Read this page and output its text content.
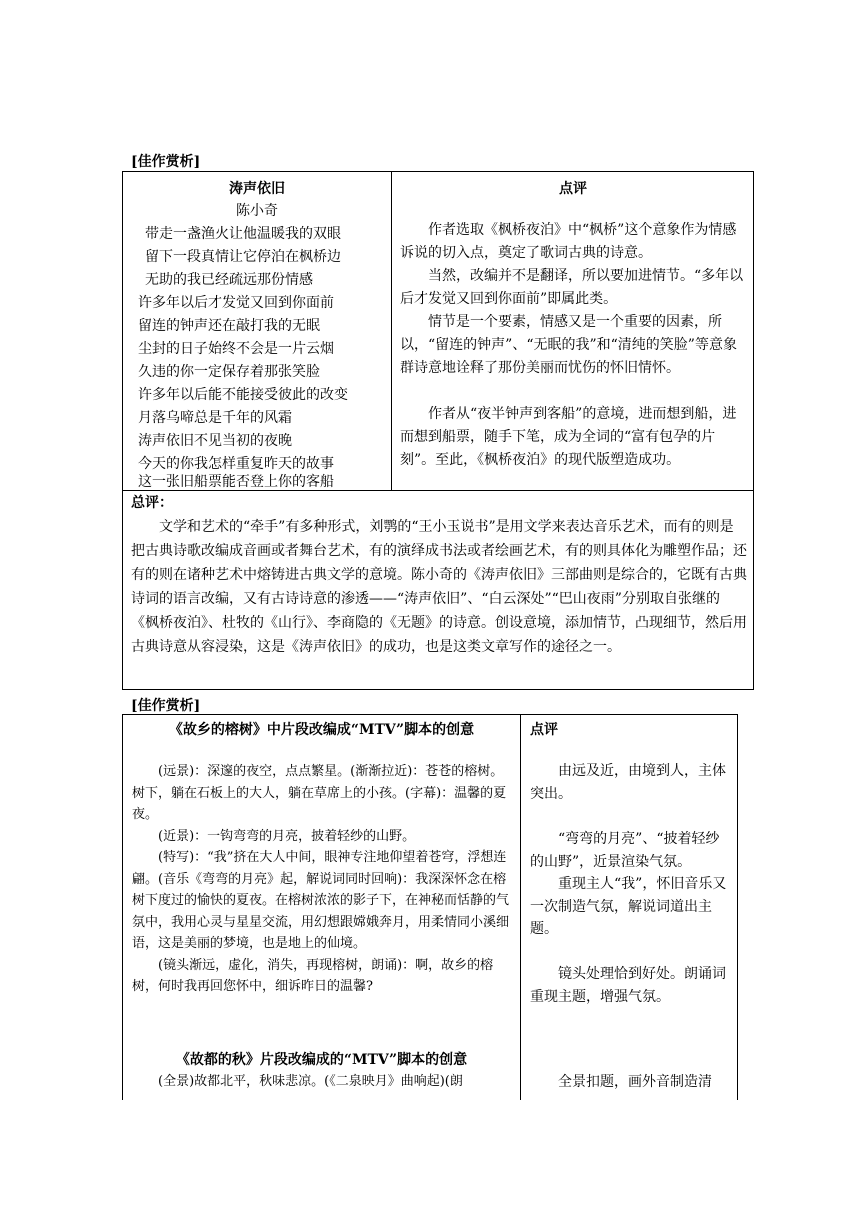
[佳作赏析]
涛声依旧
陈小奇
带走一盏渔火让他温暖我的双眼
留下一段真情让它停泊在枫桥边
无助的我已经疏远那份情感
许多年以后才发觉又回到你面前
留连的钟声还在敲打我的无眠
尘封的日子始终不会是一片云烟
久违的你一定保存着那张笑脸
许多年以后能不能接受彼此的改变
月落乌啼总是千年的风霜
涛声依旧不见当初的夜晚
今天的你我怎样重复昨天的故事
这一张旧船票能否登上你的客船
点评

作者选取《枫桥夜泊》中“枫桥”这个意象作为情感诉说的切入点，奠定了歌词古典的诗意。

当然，改编并不是翻译，所以要加进情节。“多年以后才发觉又回到你面前”即属此类。

情节是一个要素，情感又是一个重要的因素，所以，“留连的钟声”、“无眠的我”和“清纯的笑脸”等意象群诗意地诠释了那份美丽而忧伤的怀旧情怀。

作者从“夜半钟声到客船”的意境，进而想到船，进而想到船票，随手下笔，成为全词的“富有包孕的片刻”。至此，《枫桥夜泊》的现代版塑造成功。

总评：

文学和艺术的“牵手”有多种形式，刘鹗的“王小玉说书”是用文学来表达音乐艺术，而有的则是把古典诗歌改编成音画或者舞台艺术，有的演绎成书法或者绘画艺术，有的则具体化为雕塑作品；还有的则在诸种艺术中熔铸进古典文学的意境。陈小奇的《涛声依旧》三部曲则是综合的，它既有古典诗词的语言改编，又有古诗诗意的渗透——“涛声依旧”、“白云深处”“巴山夜雨”分别取自张继的《枫桥夜泊》、杜牧的《山行》、李商隐的《无题》的诗意。创设意境，添加情节，凸现细节，然后用古典诗意从容浸染，这是《涛声依旧》的成功，也是这类文章写作的途径之一。

[佳作赏析]
《故乡的榕树》中片段改编成“MTV”脚本的创意

(远景)：深邃的夜空，点点繁星。(渐渐拉近)：苍苍的榕树。树下，躺在石板上的大人，躺在草席上的小孩。(字幕)：温馨的夏夜。

(近景)：一钩弯弯的月亮，披着轻纱的山野。

(特写)：“我”挤在大人中间，眼神专注地仰望着苍穹，浮想连翩。(音乐《弯弯的月亮》起，解说词同时回响)：我深深怀念在榕树下度过的愉快的夏夜。在榕树浓浓的影子下，在神秘而恬静的气氛中，我用心灵与星星交流，用幻想跟嫦娥奔月，用柔情同小溪细语，这是美丽的梦境，也是地上的仙境。

(镜头渐远，虚化，消失，再现榕树，朗诵)：啊，故乡的榕树，何时我再回您怀中，细诉昨日的温馨?

《故都的秋》片段改编成的“MTV”脚本的创意

(全景)故都北平，秋味悲凉。(《二泉映月》曲响起)(朗

点评

由远及近，由境到人，主体突出。

“弯弯的月亮”、“披着轻纱的山野”，近景渲染气氛。

重现主人“我”，怀旧音乐又一次制造气氛，解说词道出主题。

镜头处理恰到好处。朗诵词重现主题，增强气氛。

全景扣题，画外音制造清
